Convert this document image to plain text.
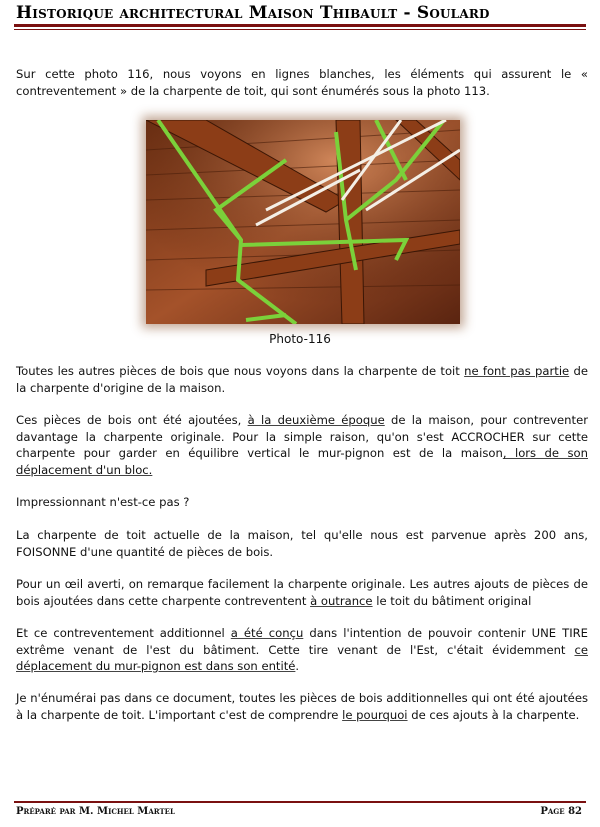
Historique architectural Maison Thibault - Soulard

Sur cette photo 116, nous voyons en lignes blanches, les éléments qui assurent le « contreventement » de la charpente de toit, qui sont énumérés sous la photo 113.

Photo-116

Toutes les autres pièces de bois que nous voyons dans la charpente de toit ne font pas partie de la charpente d'origine de la maison.

Ces pièces de bois ont été ajoutées, à la deuxième époque de la maison, pour contreventer davantage la charpente originale. Pour la simple raison, qu'on s'est ACCROCHER sur cette charpente pour garder en équilibre vertical le mur-pignon est de la maison, lors de son déplacement d'un bloc.

Impressionnant n'est-ce pas ?

La charpente de toit actuelle de la maison, tel qu'elle nous est parvenue après 200 ans, FOISONNE d'une quantité de pièces de bois.

Pour un œil averti, on remarque facilement la charpente originale. Les autres ajouts de pièces de bois ajoutées dans cette charpente contreventent à outrance le toit du bâtiment original

Et ce contreventement additionnel a été conçu dans l'intention de pouvoir contenir UNE TIRE extrême venant de l'est du bâtiment. Cette tire venant de l'Est, c'était évidemment ce déplacement du mur-pignon est dans son entité.

Je n'énumérai pas dans ce document, toutes les pièces de bois additionnelles qui ont été ajoutées à la charpente de toit. L'important c'est de comprendre le pourquoi de ces ajouts à la charpente.

Préparé par M. Michel Martel	Page 82
